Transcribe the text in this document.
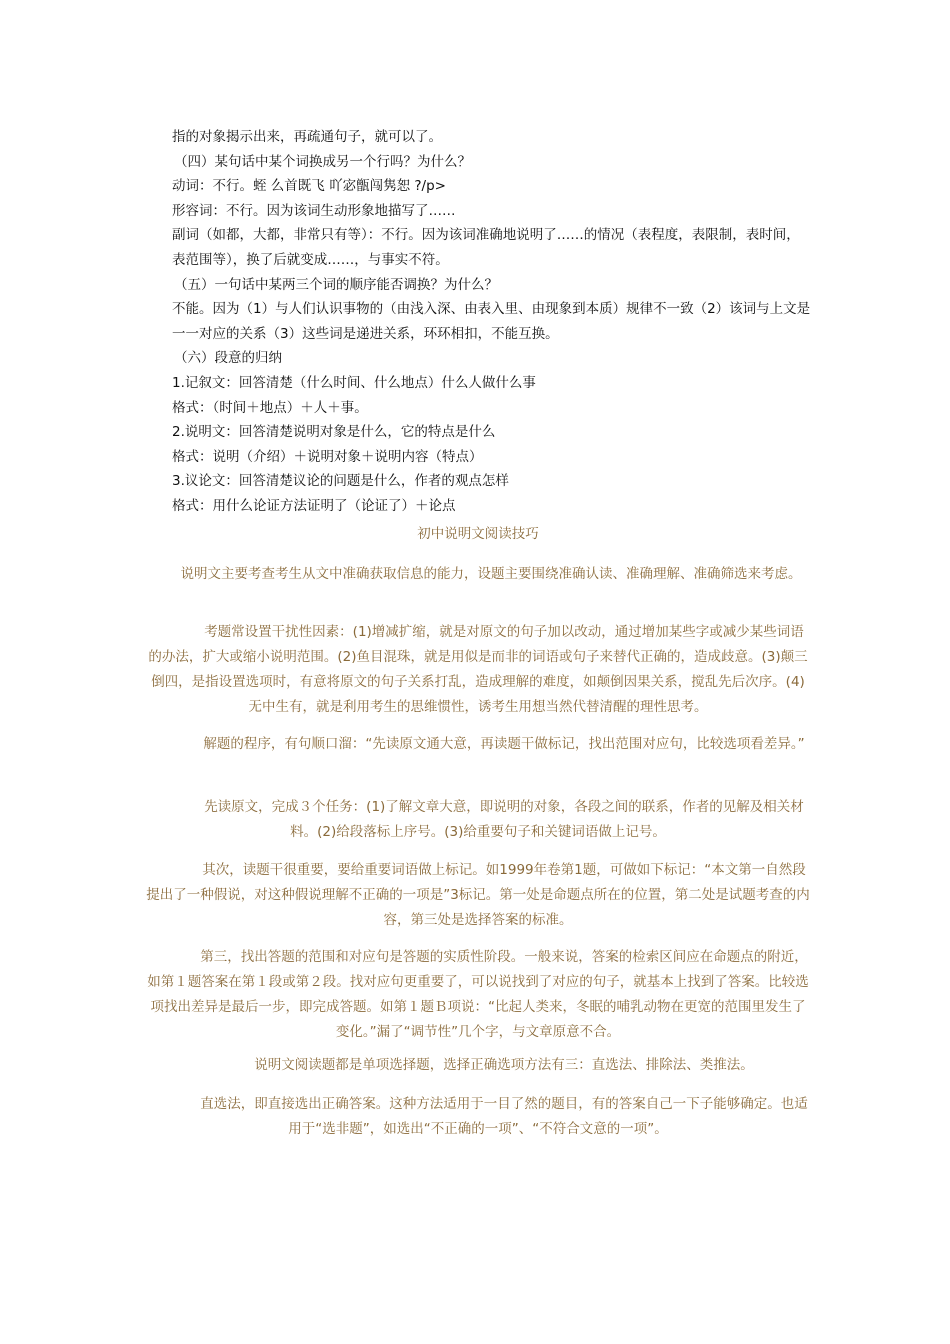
指的对象揭示出来，再疏通句子，就可以了。

（四）某句话中某个词换成另一个行吗？为什么？

动词：不行。蛭 么首既飞 吖宓甑闯隽恕 ?/p>

形容词：不行。因为该词生动形象地描写了……

副词（如都，大都，非常只有等）：不行。因为该词准确地说明了……的情况（表程度，表限制，表时间，表范围等），换了后就变成……，与事实不符。

（五）一句话中某两三个词的顺序能否调换？为什么？

不能。因为（1）与人们认识事物的（由浅入深、由表入里、由现象到本质）规律不一致（2）该词与上文是一一对应的关系（3）这些词是递进关系，环环相扣，不能互换。

（六）段意的归纳

1.记叙文：回答清楚（什么时间、什么地点）什么人做什么事

格式：（时间＋地点）＋人＋事。

2.说明文：回答清楚说明对象是什么，它的特点是什么

格式：说明（介绍）＋说明对象＋说明内容（特点）

3.议论文：回答清楚议论的问题是什么，作者的观点怎样

格式：用什么论证方法证明了（论证了）＋论点

初中说明文阅读技巧

说明文主要考查考生从文中准确获取信息的能力，设题主要围绕准确认读、准确理解、准确筛选来考虑。

考题常设置干扰性因素：(1)增减扩缩，就是对原文的句子加以改动，通过增加某些字或减少某些词语的办法，扩大或缩小说明范围。(2)鱼目混珠，就是用似是而非的词语或句子来替代正确的，造成歧意。(3)颠三倒四，是指设置选项时，有意将原文的句子关系打乱，造成理解的难度，如颠倒因果关系，搅乱先后次序。(4)无中生有，就是利用考生的思维惯性，诱考生用想当然代替清醒的理性思考。

解题的程序，有句顺口溜：“先读原文通大意，再读题干做标记，找出范围对应句，比较选项看差异。”

先读原文，完成３个任务：(1)了解文章大意，即说明的对象，各段之间的联系，作者的见解及相关材料。(2)给段落标上序号。(3)给重要句子和关键词语做上记号。

其次，读题干很重要，要给重要词语做上标记。如1999年卷第1题，可做如下标记：“本文第一自然段提出了一种假说，对这种假说理解不正确的一项是”3标记。第一处是命题点所在的位置，第二处是试题考查的内容，第三处是选择答案的标准。

第三，找出答题的范围和对应句是答题的实质性阶段。一般来说，答案的检索区间应在命题点的附近，如第１题答案在第１段或第２段。找对应句更重要了，可以说找到了对应的句子，就基本上找到了答案。比较选项找出差异是最后一步，即完成答题。如第１题Ｂ项说：“比起人类来，冬眠的哺乳动物在更宽的范围里发生了变化。”漏了“调节性”几个字，与文章原意不合。

说明文阅读题都是单项选择题，选择正确选项方法有三：直选法、排除法、类推法。

直选法，即直接选出正确答案。这种方法适用于一目了然的题目，有的答案自己一下子能够确定。也适用于“选非题”，如选出“不正确的一项”、“不符合文意的一项”。
